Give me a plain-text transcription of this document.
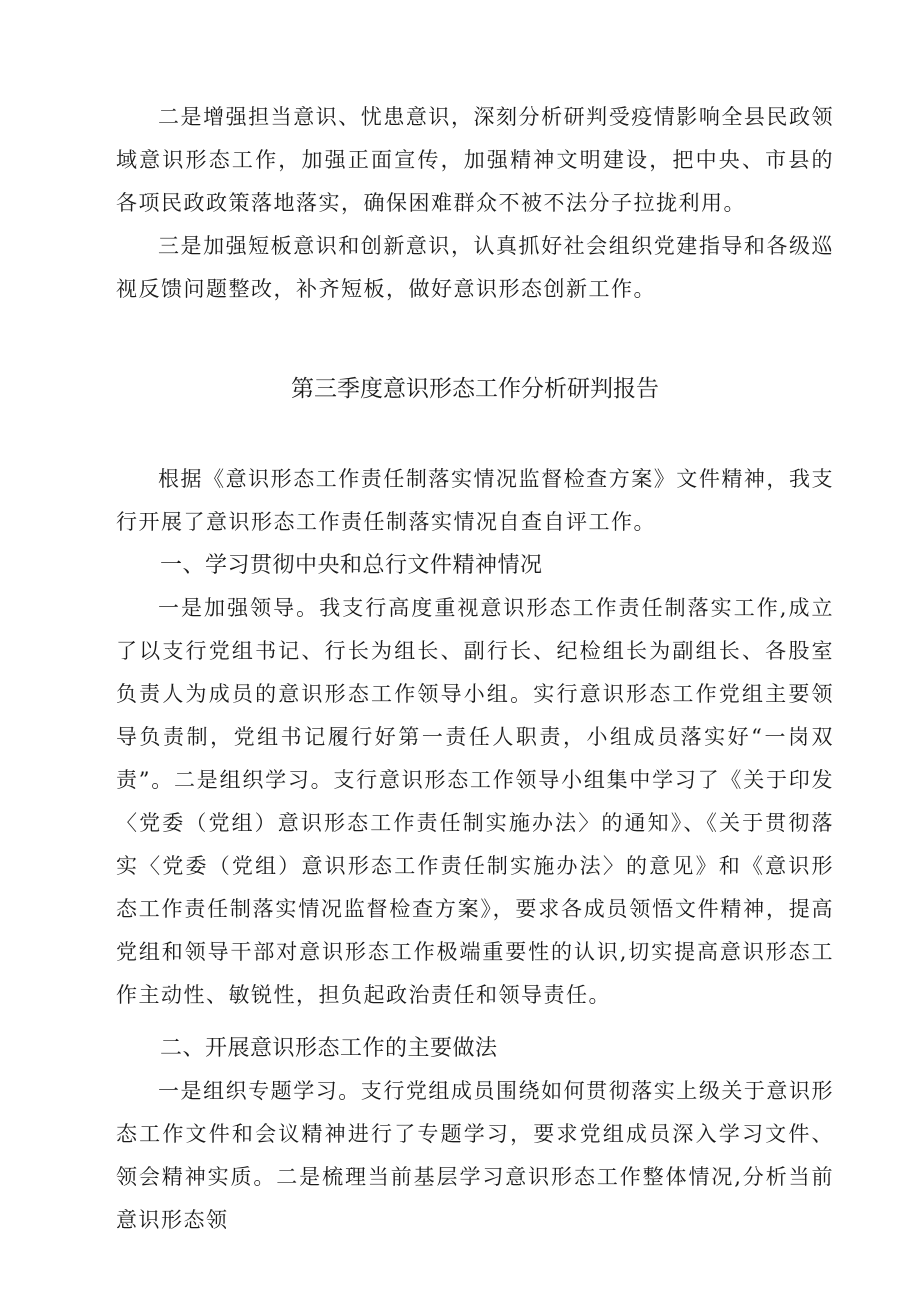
二是增强担当意识、忧患意识，深刻分析研判受疫情影响全县民政领域意识形态工作，加强正面宣传，加强精神文明建设，把中央、市县的各项民政政策落地落实，确保困难群众不被不法分子拉拢利用。

三是加强短板意识和创新意识，认真抓好社会组织党建指导和各级巡视反馈问题整改，补齐短板，做好意识形态创新工作。

第三季度意识形态工作分析研判报告

根据《意识形态工作责任制落实情况监督检查方案》文件精神，我支行开展了意识形态工作责任制落实情况自查自评工作。

一、学习贯彻中央和总行文件精神情况

一是加强领导。我支行高度重视意识形态工作责任制落实工作,成立了以支行党组书记、行长为组长、副行长、纪检组长为副组长、各股室负责人为成员的意识形态工作领导小组。实行意识形态工作党组主要领导负责制，党组书记履行好第一责任人职责，小组成员落实好“一岗双责”。二是组织学习。支行意识形态工作领导小组集中学习了《关于印发〈党委（党组）意识形态工作责任制实施办法〉的通知》、《关于贯彻落实〈党委（党组）意识形态工作责任制实施办法〉的意见》和《意识形态工作责任制落实情况监督检查方案》，要求各成员领悟文件精神，提高党组和领导干部对意识形态工作极端重要性的认识,切实提高意识形态工作主动性、敏锐性，担负起政治责任和领导责任。

二、开展意识形态工作的主要做法

一是组织专题学习。支行党组成员围绕如何贯彻落实上级关于意识形态工作文件和会议精神进行了专题学习，要求党组成员深入学习文件、领会精神实质。二是梳理当前基层学习意识形态工作整体情况,分析当前意识形态领
